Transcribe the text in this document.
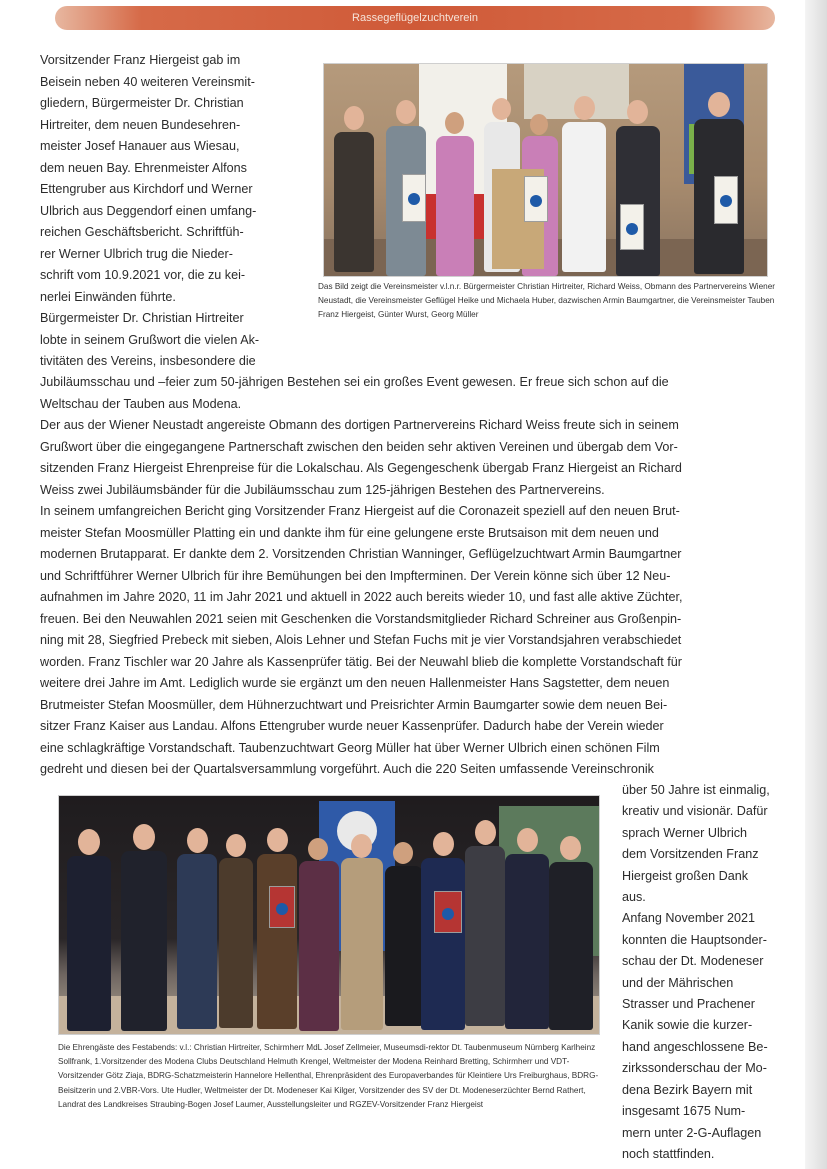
Rassegeflügelzuchtverein

Vorsitzender Franz Hiergeist gab im

Beisein neben 40 weiteren Vereinsmit-

gliedern, Bürgermeister Dr. Christian

Hirtreiter, dem neuen Bundesehren-

meister Josef Hanauer aus Wiesau,

dem neuen Bay. Ehrenmeister Alfons

Ettengruber aus Kirchdorf und Werner

Ulbrich aus Deggendorf einen umfang-

reichen Geschäftsbericht. Schriftfüh-

rer Werner Ulbrich trug die Nieder-

schrift vom 10.9.2021 vor, die zu kei-

nerlei Einwänden führte.

Bürgermeister Dr. Christian Hirtreiter

lobte in seinem Grußwort die vielen Ak-

tivitäten des Vereins, insbesondere die

Das Bild zeigt die Vereinsmeister v.l.n.r. Bürgermeister Christian Hirtreiter, Richard Weiss, Obmann des Partnervereins Wiener Neustadt, die Vereinsmeister Geflügel Heike und Michaela Huber, dazwischen Armin Baumgartner, die Vereinsmeister Tauben Franz Hiergeist, Günter Wurst, Georg Müller

Jubiläumsschau und –feier zum 50-jährigen Bestehen sei ein großes Event gewesen. Er freue sich schon auf die

Weltschau der Tauben aus Modena.

Der aus der Wiener Neustadt angereiste Obmann des dortigen Partnervereins Richard Weiss freute sich in seinem

Grußwort über die eingegangene Partnerschaft zwischen den beiden sehr aktiven Vereinen und übergab dem Vor-

sitzenden Franz Hiergeist Ehrenpreise für die Lokalschau. Als Gegengeschenk übergab Franz Hiergeist an Richard

Weiss zwei Jubiläumsbänder für die Jubiläumsschau zum 125-jährigen Bestehen des Partnervereins.

In seinem umfangreichen Bericht ging Vorsitzender Franz Hiergeist auf die Coronazeit speziell auf den neuen Brut-

meister Stefan Moosmüller Platting ein und dankte ihm für eine gelungene erste Brutsaison mit dem neuen und

modernen Brutapparat. Er dankte dem 2. Vorsitzenden Christian Wanninger, Geflügelzuchtwart Armin Baumgartner

und Schriftführer Werner Ulbrich für ihre Bemühungen bei den Impfterminen. Der Verein könne sich über 12 Neu-

aufnahmen im Jahre 2020, 11 im Jahr 2021 und aktuell in 2022 auch bereits wieder 10, und fast alle aktive Züchter,

freuen. Bei den Neuwahlen 2021 seien mit Geschenken die Vorstandsmitglieder Richard Schreiner aus Großenpin-

ning mit 28, Siegfried Prebeck mit sieben, Alois Lehner und Stefan Fuchs mit je vier Vorstandsjahren verabschiedet

worden. Franz Tischler war 20 Jahre als Kassenprüfer tätig. Bei der Neuwahl blieb die komplette Vorstandschaft für

weitere drei Jahre im Amt. Lediglich wurde sie ergänzt um den neuen Hallenmeister Hans Sagstetter, dem neuen

Brutmeister Stefan Moosmüller, dem Hühnerzuchtwart und Preisrichter Armin Baumgarter sowie dem neuen Bei-

sitzer Franz Kaiser aus Landau. Alfons Ettengruber wurde neuer Kassenprüfer. Dadurch habe der Verein wieder

eine schlagkräftige Vorstandschaft. Taubenzuchtwart Georg Müller hat über Werner Ulbrich einen schönen Film

gedreht und diesen bei der Quartalsversammlung vorgeführt. Auch die 220 Seiten umfassende Vereinschronik

Die Ehrengäste des Festabends: v.l.: Christian Hirtreiter, Schirmherr MdL Josef Zellmeier, Museumsdi-rektor Dt. Taubenmuseum Nürnberg Karlheinz Sollfrank, 1.Vorsitzender des Modena Clubs Deutschland Helmuth Krengel, Weltmeister der Modena Reinhard Bretting, Schirmherr und VDT-Vorsitzender Götz Ziaja, BDRG-Schatzmeisterin Hannelore Hellenthal, Ehrenpräsident des Europaverbandes für Kleintiere Urs Freiburghaus, BDRG-Beisitzerin und 2.VBR-Vors. Ute Hudler, Weltmeister der Dt. Modeneser Kai Kilger, Vorsitzender des SV der Dt. Modeneserzüchter Bernd Rathert, Landrat des Landkreises Straubing-Bogen Josef Laumer, Ausstellungsleiter und RGZEV-Vorsitzender Franz Hiergeist

über 50 Jahre ist einmalig,

kreativ und visionär. Dafür

sprach Werner Ulbrich

dem Vorsitzenden Franz

Hiergeist großen Dank

aus.

Anfang November 2021

konnten die Hauptsonder-

schau der Dt. Modeneser

und der Mährischen

Strasser und Prachener

Kanik sowie die kurzer-

hand angeschlossene Be-

zirkssonderschau der Mo-

dena Bezirk Bayern mit

insgesamt 1675 Num-

mern unter 2-G-Auflagen

noch stattfinden.
